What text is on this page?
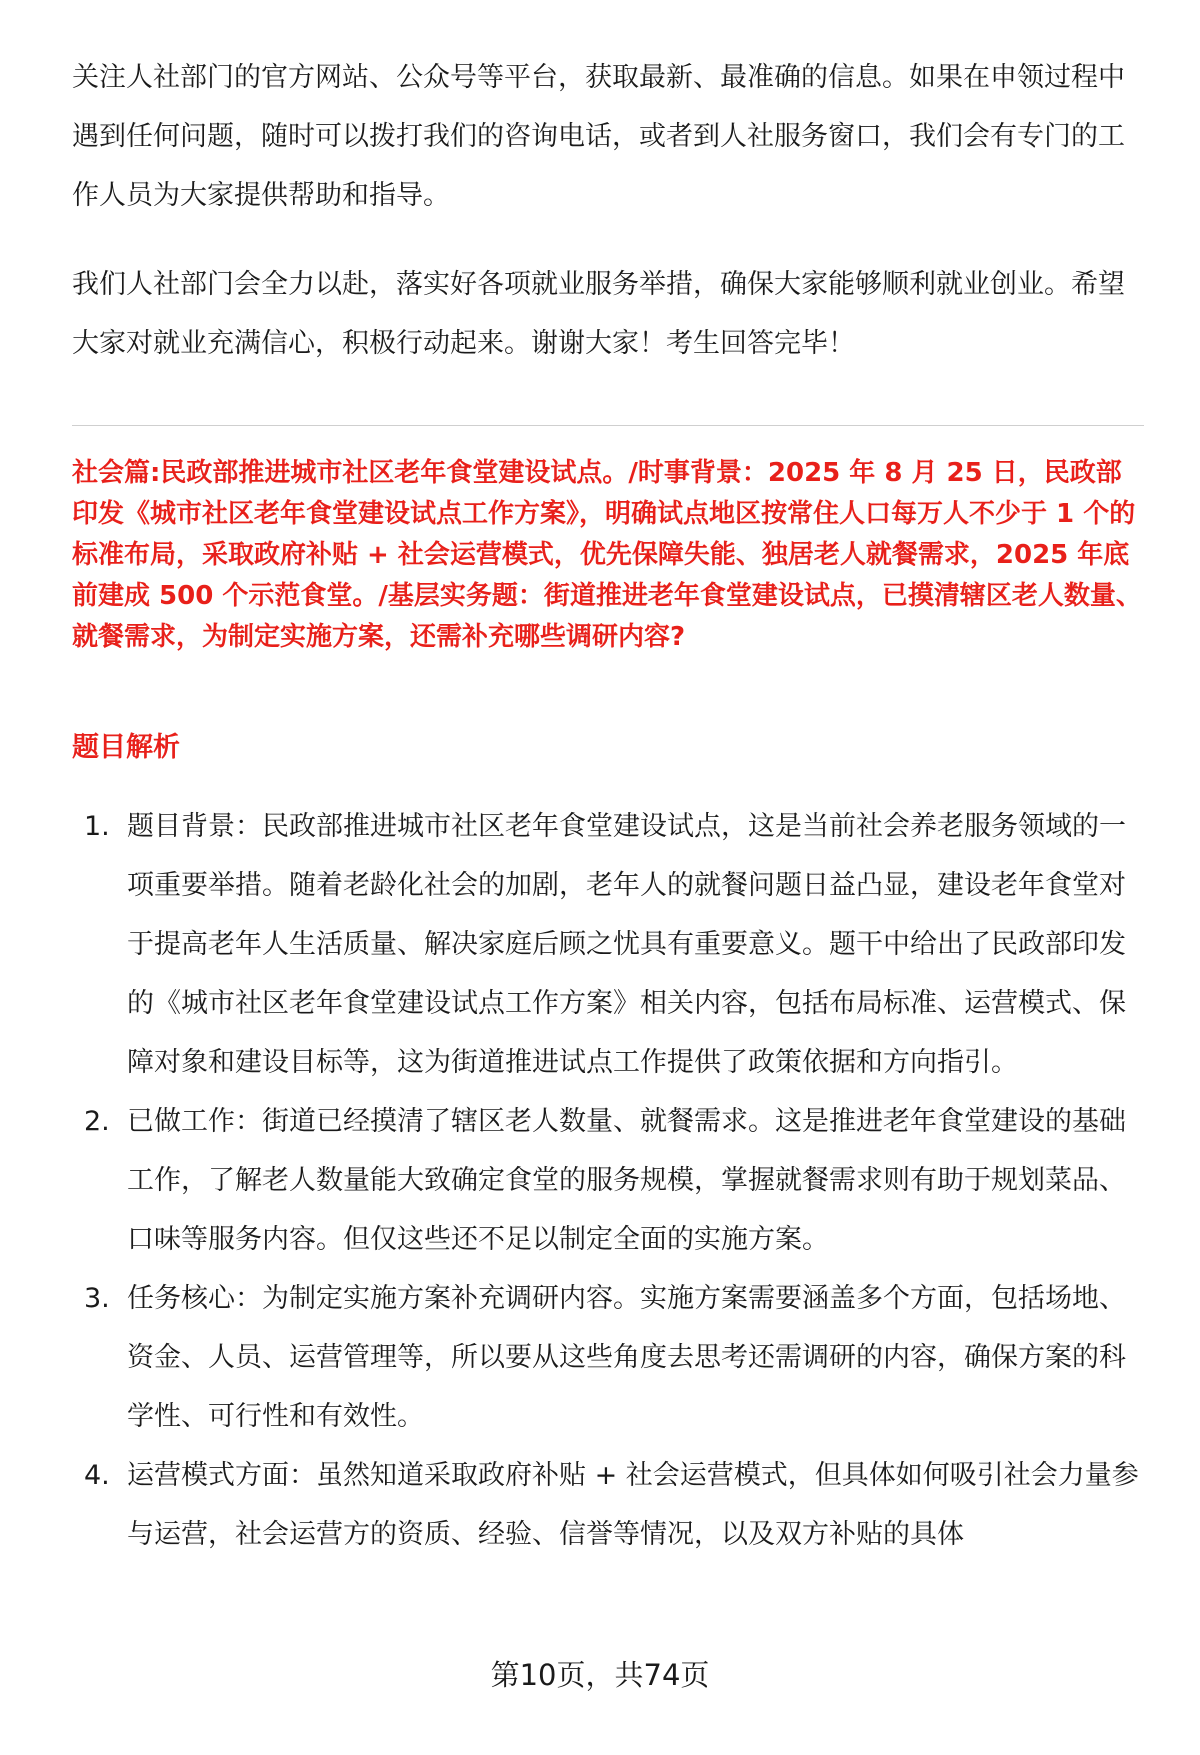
关注人社部门的官方网站、公众号等平台，获取最新、最准确的信息。如果在申领过程中遇到任何问题，随时可以拨打我们的咨询电话，或者到人社服务窗口，我们会有专门的工作人员为大家提供帮助和指导。

我们人社部门会全力以赴，落实好各项就业服务举措，确保大家能够顺利就业创业。希望大家对就业充满信心，积极行动起来。谢谢大家！考生回答完毕！

社会篇:民政部推进城市社区老年食堂建设试点。/时事背景：2025 年 8 月 25 日，民政部印发《城市社区老年食堂建设试点工作方案》，明确试点地区按常住人口每万人不少于 1 个的标准布局，采取政府补贴 + 社会运营模式，优先保障失能、独居老人就餐需求，2025 年底前建成 500 个示范食堂。/基层实务题：街道推进老年食堂建设试点，已摸清辖区老人数量、就餐需求，为制定实施方案，还需补充哪些调研内容?

题目解析

1. 题目背景：民政部推进城市社区老年食堂建设试点，这是当前社会养老服务领域的一项重要举措。随着老龄化社会的加剧，老年人的就餐问题日益凸显，建设老年食堂对于提高老年人生活质量、解决家庭后顾之忧具有重要意义。题干中给出了民政部印发的《城市社区老年食堂建设试点工作方案》相关内容，包括布局标准、运营模式、保障对象和建设目标等，这为街道推进试点工作提供了政策依据和方向指引。
2. 已做工作：街道已经摸清了辖区老人数量、就餐需求。这是推进老年食堂建设的基础工作，了解老人数量能大致确定食堂的服务规模，掌握就餐需求则有助于规划菜品、口味等服务内容。但仅这些还不足以制定全面的实施方案。
3. 任务核心：为制定实施方案补充调研内容。实施方案需要涵盖多个方面，包括场地、资金、人员、运营管理等，所以要从这些角度去思考还需调研的内容，确保方案的科学性、可行性和有效性。
4. 运营模式方面：虽然知道采取政府补贴 + 社会运营模式，但具体如何吸引社会力量参与运营，社会运营方的资质、经验、信誉等情况，以及双方补贴的具体
第10页，共74页
